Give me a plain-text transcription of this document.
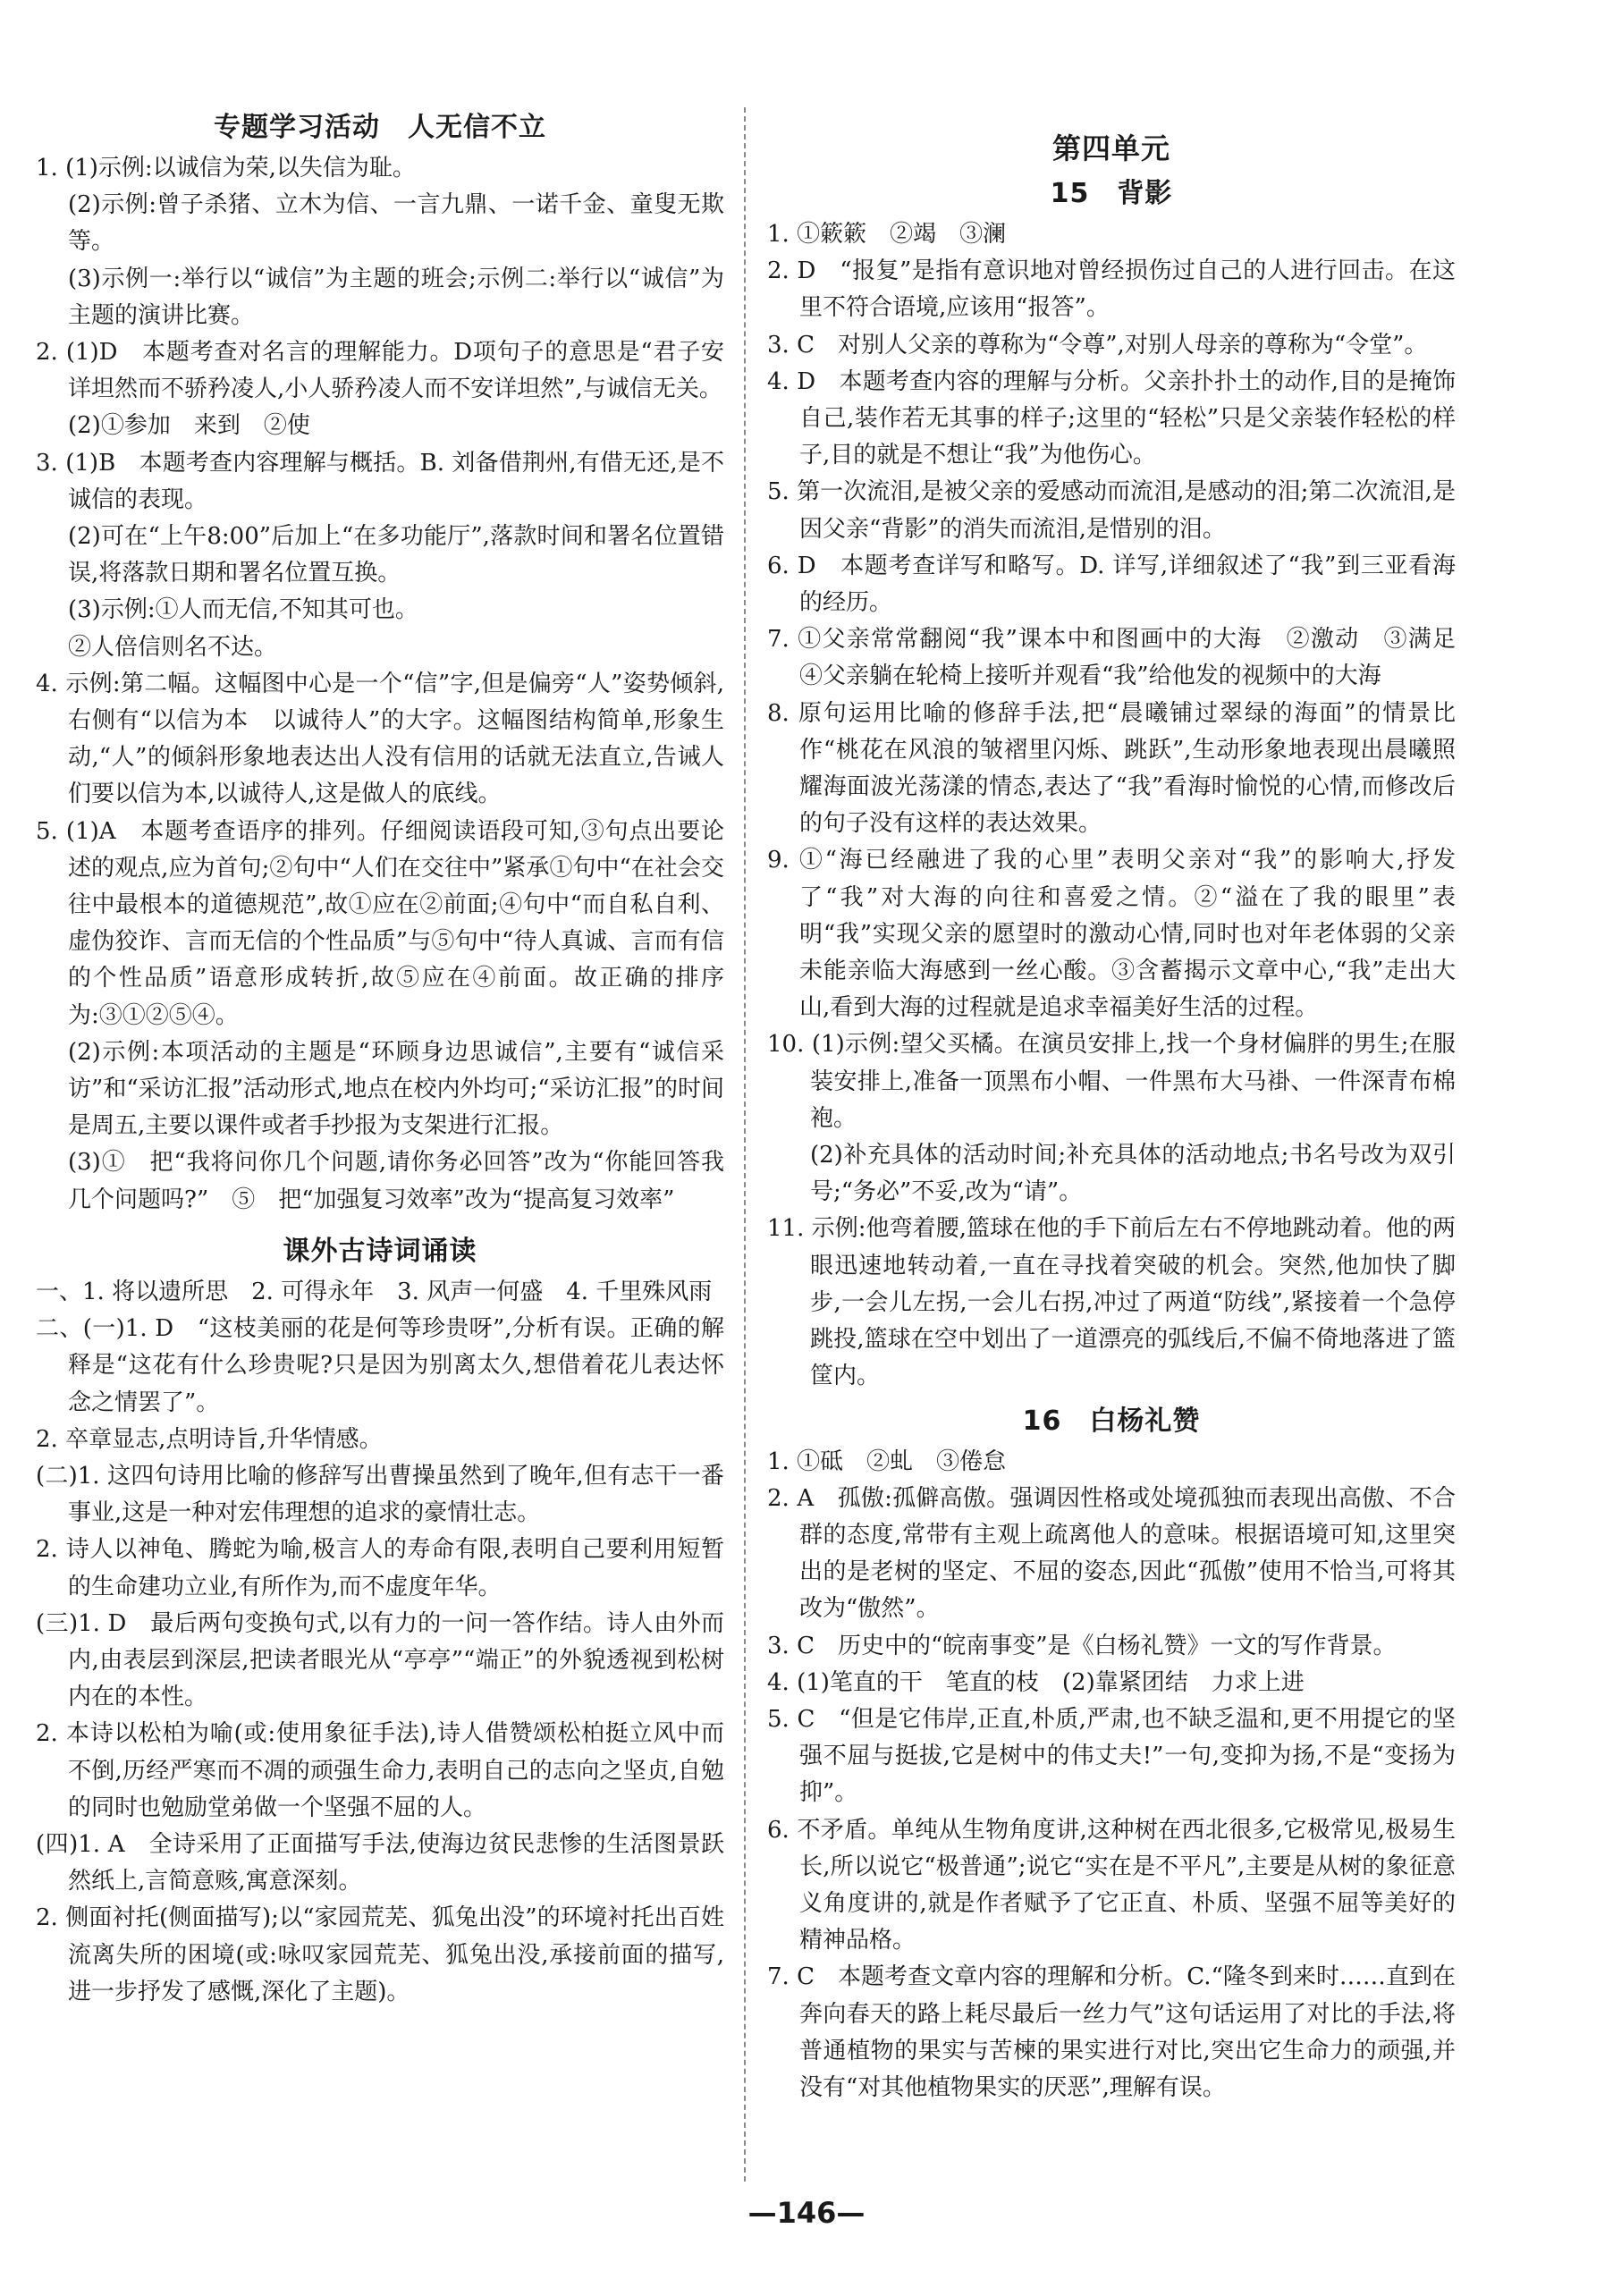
专题学习活动　人无信不立

1. (1)示例:以诚信为荣,以失信为耻。

(2)示例:曾子杀猪、立木为信、一言九鼎、一诺千金、童叟无欺等。

(3)示例一:举行以“诚信”为主题的班会;示例二:举行以“诚信”为主题的演讲比赛。

2. (1)D　本题考查对名言的理解能力。D项句子的意思是“君子安详坦然而不骄矜凌人,小人骄矜凌人而不安详坦然”,与诚信无关。

(2)①参加　来到　②使

3. (1)B　本题考查内容理解与概括。B. 刘备借荆州,有借无还,是不诚信的表现。

(2)可在“上午8:00”后加上“在多功能厅”,落款时间和署名位置错误,将落款日期和署名位置互换。

(3)示例:①人而无信,不知其可也。

②人倍信则名不达。

4. 示例:第二幅。这幅图中心是一个“信”字,但是偏旁“人”姿势倾斜,右侧有“以信为本　以诚待人”的大字。这幅图结构简单,形象生动,“人”的倾斜形象地表达出人没有信用的话就无法直立,告诫人们要以信为本,以诚待人,这是做人的底线。

5. (1)A　本题考查语序的排列。仔细阅读语段可知,③句点出要论述的观点,应为首句;②句中“人们在交往中”紧承①句中“在社会交往中最根本的道德规范”,故①应在②前面;④句中“而自私自利、虚伪狡诈、言而无信的个性品质”与⑤句中“待人真诚、言而有信的个性品质”语意形成转折,故⑤应在④前面。故正确的排序为:③①②⑤④。

(2)示例:本项活动的主题是“环顾身边思诚信”,主要有“诚信采访”和“采访汇报”活动形式,地点在校内外均可;“采访汇报”的时间是周五,主要以课件或者手抄报为支架进行汇报。

(3)①　把“我将问你几个问题,请你务必回答”改为“你能回答我几个问题吗?”　⑤　把“加强复习效率”改为“提高复习效率”

课外古诗词诵读

一、1. 将以遗所思　2. 可得永年　3. 风声一何盛　4. 千里殊风雨

二、(一)1. D　“这枝美丽的花是何等珍贵呀”,分析有误。正确的解释是“这花有什么珍贵呢?只是因为别离太久,想借着花儿表达怀念之情罢了”。

2. 卒章显志,点明诗旨,升华情感。

(二)1. 这四句诗用比喻的修辞写出曹操虽然到了晚年,但有志干一番事业,这是一种对宏伟理想的追求的豪情壮志。

2. 诗人以神龟、腾蛇为喻,极言人的寿命有限,表明自己要利用短暂的生命建功立业,有所作为,而不虚度年华。

(三)1. D　最后两句变换句式,以有力的一问一答作结。诗人由外而内,由表层到深层,把读者眼光从“亭亭”“端正”的外貌透视到松树内在的本性。

2. 本诗以松柏为喻(或:使用象征手法),诗人借赞颂松柏挺立风中而不倒,历经严寒而不凋的顽强生命力,表明自己的志向之坚贞,自勉的同时也勉励堂弟做一个坚强不屈的人。

(四)1. A　全诗采用了正面描写手法,使海边贫民悲惨的生活图景跃然纸上,言简意赅,寓意深刻。

2. 侧面衬托(侧面描写);以“家园荒芜、狐兔出没”的环境衬托出百姓流离失所的困境(或:咏叹家园荒芜、狐兔出没,承接前面的描写,进一步抒发了感慨,深化了主题)。

第四单元
15　背影

1. ①簌簌　②竭　③澜

2. D　“报复”是指有意识地对曾经损伤过自己的人进行回击。在这里不符合语境,应该用“报答”。

3. C　对别人父亲的尊称为“令尊”,对别人母亲的尊称为“令堂”。

4. D　本题考查内容的理解与分析。父亲扑扑土的动作,目的是掩饰自己,装作若无其事的样子;这里的“轻松”只是父亲装作轻松的样子,目的就是不想让“我”为他伤心。

5. 第一次流泪,是被父亲的爱感动而流泪,是感动的泪;第二次流泪,是因父亲“背影”的消失而流泪,是惜别的泪。

6. D　本题考查详写和略写。D. 详写,详细叙述了“我”到三亚看海的经历。

7. ①父亲常常翻阅“我”课本中和图画中的大海　②激动　③满足　④父亲躺在轮椅上接听并观看“我”给他发的视频中的大海

8. 原句运用比喻的修辞手法,把“晨曦铺过翠绿的海面”的情景比作“桃花在风浪的皱褶里闪烁、跳跃”,生动形象地表现出晨曦照耀海面波光荡漾的情态,表达了“我”看海时愉悦的心情,而修改后的句子没有这样的表达效果。

9. ①“海已经融进了我的心里”表明父亲对“我”的影响大,抒发了“我”对大海的向往和喜爱之情。②“溢在了我的眼里”表明“我”实现父亲的愿望时的激动心情,同时也对年老体弱的父亲未能亲临大海感到一丝心酸。③含蓄揭示文章中心,“我”走出大山,看到大海的过程就是追求幸福美好生活的过程。

10. (1)示例:望父买橘。在演员安排上,找一个身材偏胖的男生;在服装安排上,准备一顶黑布小帽、一件黑布大马褂、一件深青布棉袍。

(2)补充具体的活动时间;补充具体的活动地点;书名号改为双引号;“务必”不妥,改为“请”。

11. 示例:他弯着腰,篮球在他的手下前后左右不停地跳动着。他的两眼迅速地转动着,一直在寻找着突破的机会。突然,他加快了脚步,一会儿左拐,一会儿右拐,冲过了两道“防线”,紧接着一个急停跳投,篮球在空中划出了一道漂亮的弧线后,不偏不倚地落进了篮筐内。

16　白杨礼赞

1. ①砥　②虬　③倦怠

2. A　孤傲:孤僻高傲。强调因性格或处境孤独而表现出高傲、不合群的态度,常带有主观上疏离他人的意味。根据语境可知,这里突出的是老树的坚定、不屈的姿态,因此“孤傲”使用不恰当,可将其改为“傲然”。

3. C　历史中的“皖南事变”是《白杨礼赞》一文的写作背景。

4. (1)笔直的干　笔直的枝　(2)靠紧团结　力求上进

5. C　“但是它伟岸,正直,朴质,严肃,也不缺乏温和,更不用提它的坚强不屈与挺拔,它是树中的伟丈夫!”一句,变抑为扬,不是“变扬为抑”。

6. 不矛盾。单纯从生物角度讲,这种树在西北很多,它极常见,极易生长,所以说它“极普通”;说它“实在是不平凡”,主要是从树的象征意义角度讲的,就是作者赋予了它正直、朴质、坚强不屈等美好的精神品格。

7. C　本题考查文章内容的理解和分析。C.“隆冬到来时……直到在奔向春天的路上耗尽最后一丝力气”这句话运用了对比的手法,将普通植物的果实与苦楝的果实进行对比,突出它生命力的顽强,并没有“对其他植物果实的厌恶”,理解有误。

—146—
